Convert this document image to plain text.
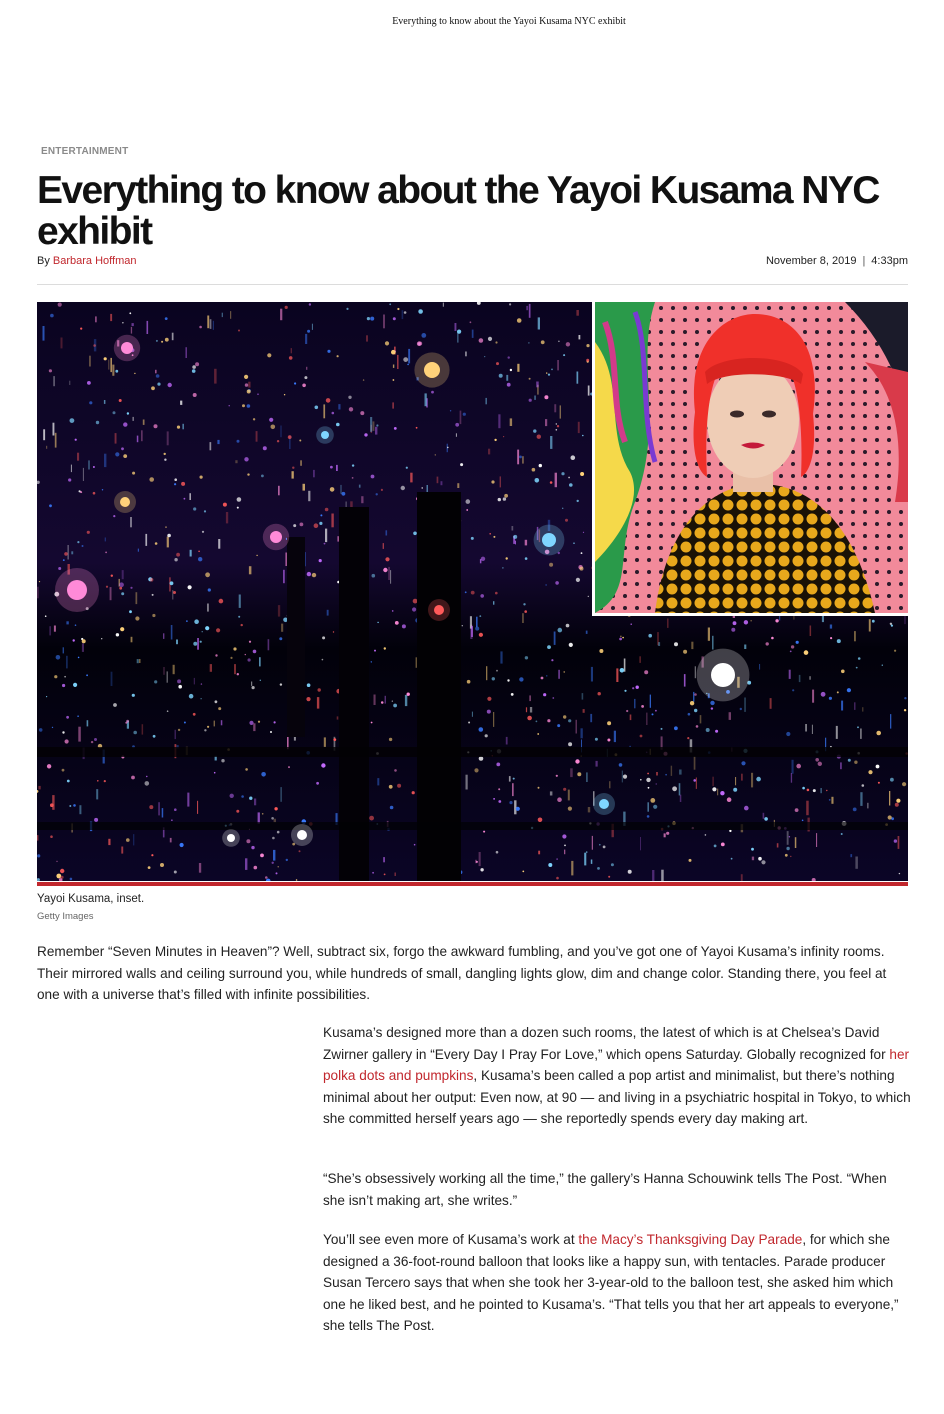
Everything to know about the Yayoi Kusama NYC exhibit
ENTERTAINMENT
Everything to know about the Yayoi Kusama NYC exhibit
By Barbara Hoffman	November 8, 2019 | 4:33pm
Yayoi Kusama, inset.
Getty Images

Remember “Seven Minutes in Heaven”? Well, subtract six, forgo the awkward fumbling, and you’ve got one of Yayoi Kusama’s infinity rooms. Their mirrored walls and ceiling surround you, while hundreds of small, dangling lights glow, dim and change color. Standing there, you feel at one with a universe that’s filled with infinite possibilities.

Kusama’s designed more than a dozen such rooms, the latest of which is at Chelsea’s David Zwirner gallery in “Every Day I Pray For Love,” which opens Saturday. Globally recognized for her polka dots and pumpkins, Kusama’s been called a pop artist and minimalist, but there’s nothing minimal about her output: Even now, at 90 — and living in a psychiatric hospital in Tokyo, to which she committed herself years ago — she reportedly spends every day making art.

“She’s obsessively working all the time,” the gallery’s Hanna Schouwink tells The Post. “When she isn’t making art, she writes.”

You’ll see even more of Kusama’s work at the Macy’s Thanksgiving Day Parade, for which she designed a 36-foot-round balloon that looks like a happy sun, with tentacles. Parade producer Susan Tercero says that when she took her 3-year-old to the balloon test, she asked him which one he liked best, and he pointed to Kusama’s. “That tells you that her art appeals to everyone,” she tells The Post.
